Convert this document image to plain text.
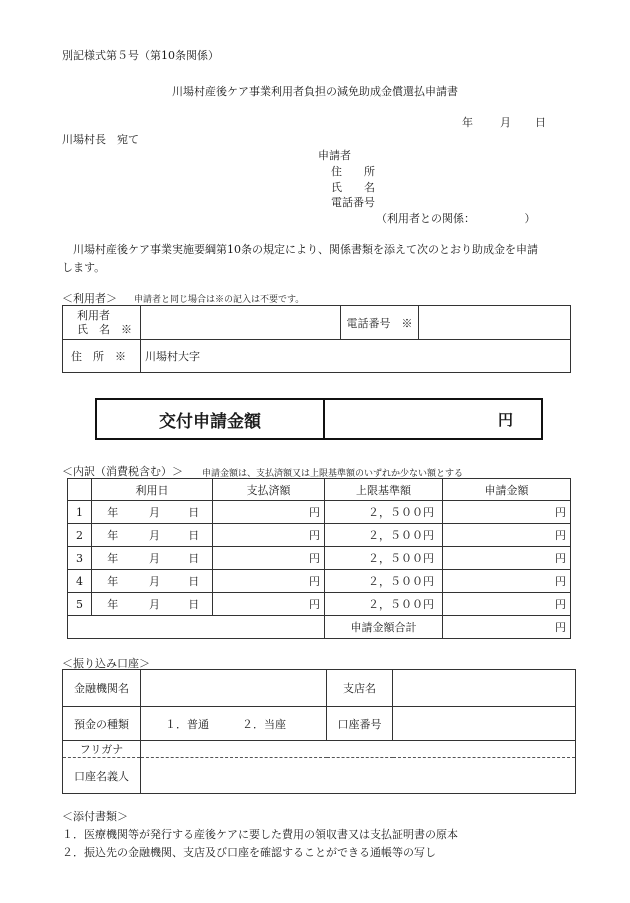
別記様式第５号（第10条関係）
川場村産後ケア事業利用者負担の減免助成金償還払申請書
年 月 日
川場村長　宛て
申請者
住　　所
氏　　名
電話番号
（利用者との関係：　　　　　）
　川場村産後ケア事業実施要綱第10条の規定により、関係書類を添えて次のとおり助成金を申請
します。
＜利用者＞ 申請者と同じ場合は※の記入は不要です。
利用者
氏　名　※		電話番号　※	
住　所　※	川場村大字		
交付申請金額	円
＜内訳（消費税含む）＞ 申請金額は、支払済額又は上限基準額のいずれか少ない額とする
	利用日			支払済額	上限基準額	申請金額
1	年	月	日	円	２，５００円	円
2	年	月	日	円	２，５００円	円
3	年	月	日	円	２，５００円	円
4	年	月	日	円	２，５００円	円
5	年	月	日	円	２，５００円	円
					申請金額合計	円
＜振り込み口座＞
金融機関名		支店名	
預金の種類	１．普通　　　２．当座	口座番号	
フリガナ			
口座名義人			
＜添付書類＞
１．医療機関等が発行する産後ケアに要した費用の領収書又は支払証明書の原本
２．振込先の金融機関、支店及び口座を確認することができる通帳等の写し
